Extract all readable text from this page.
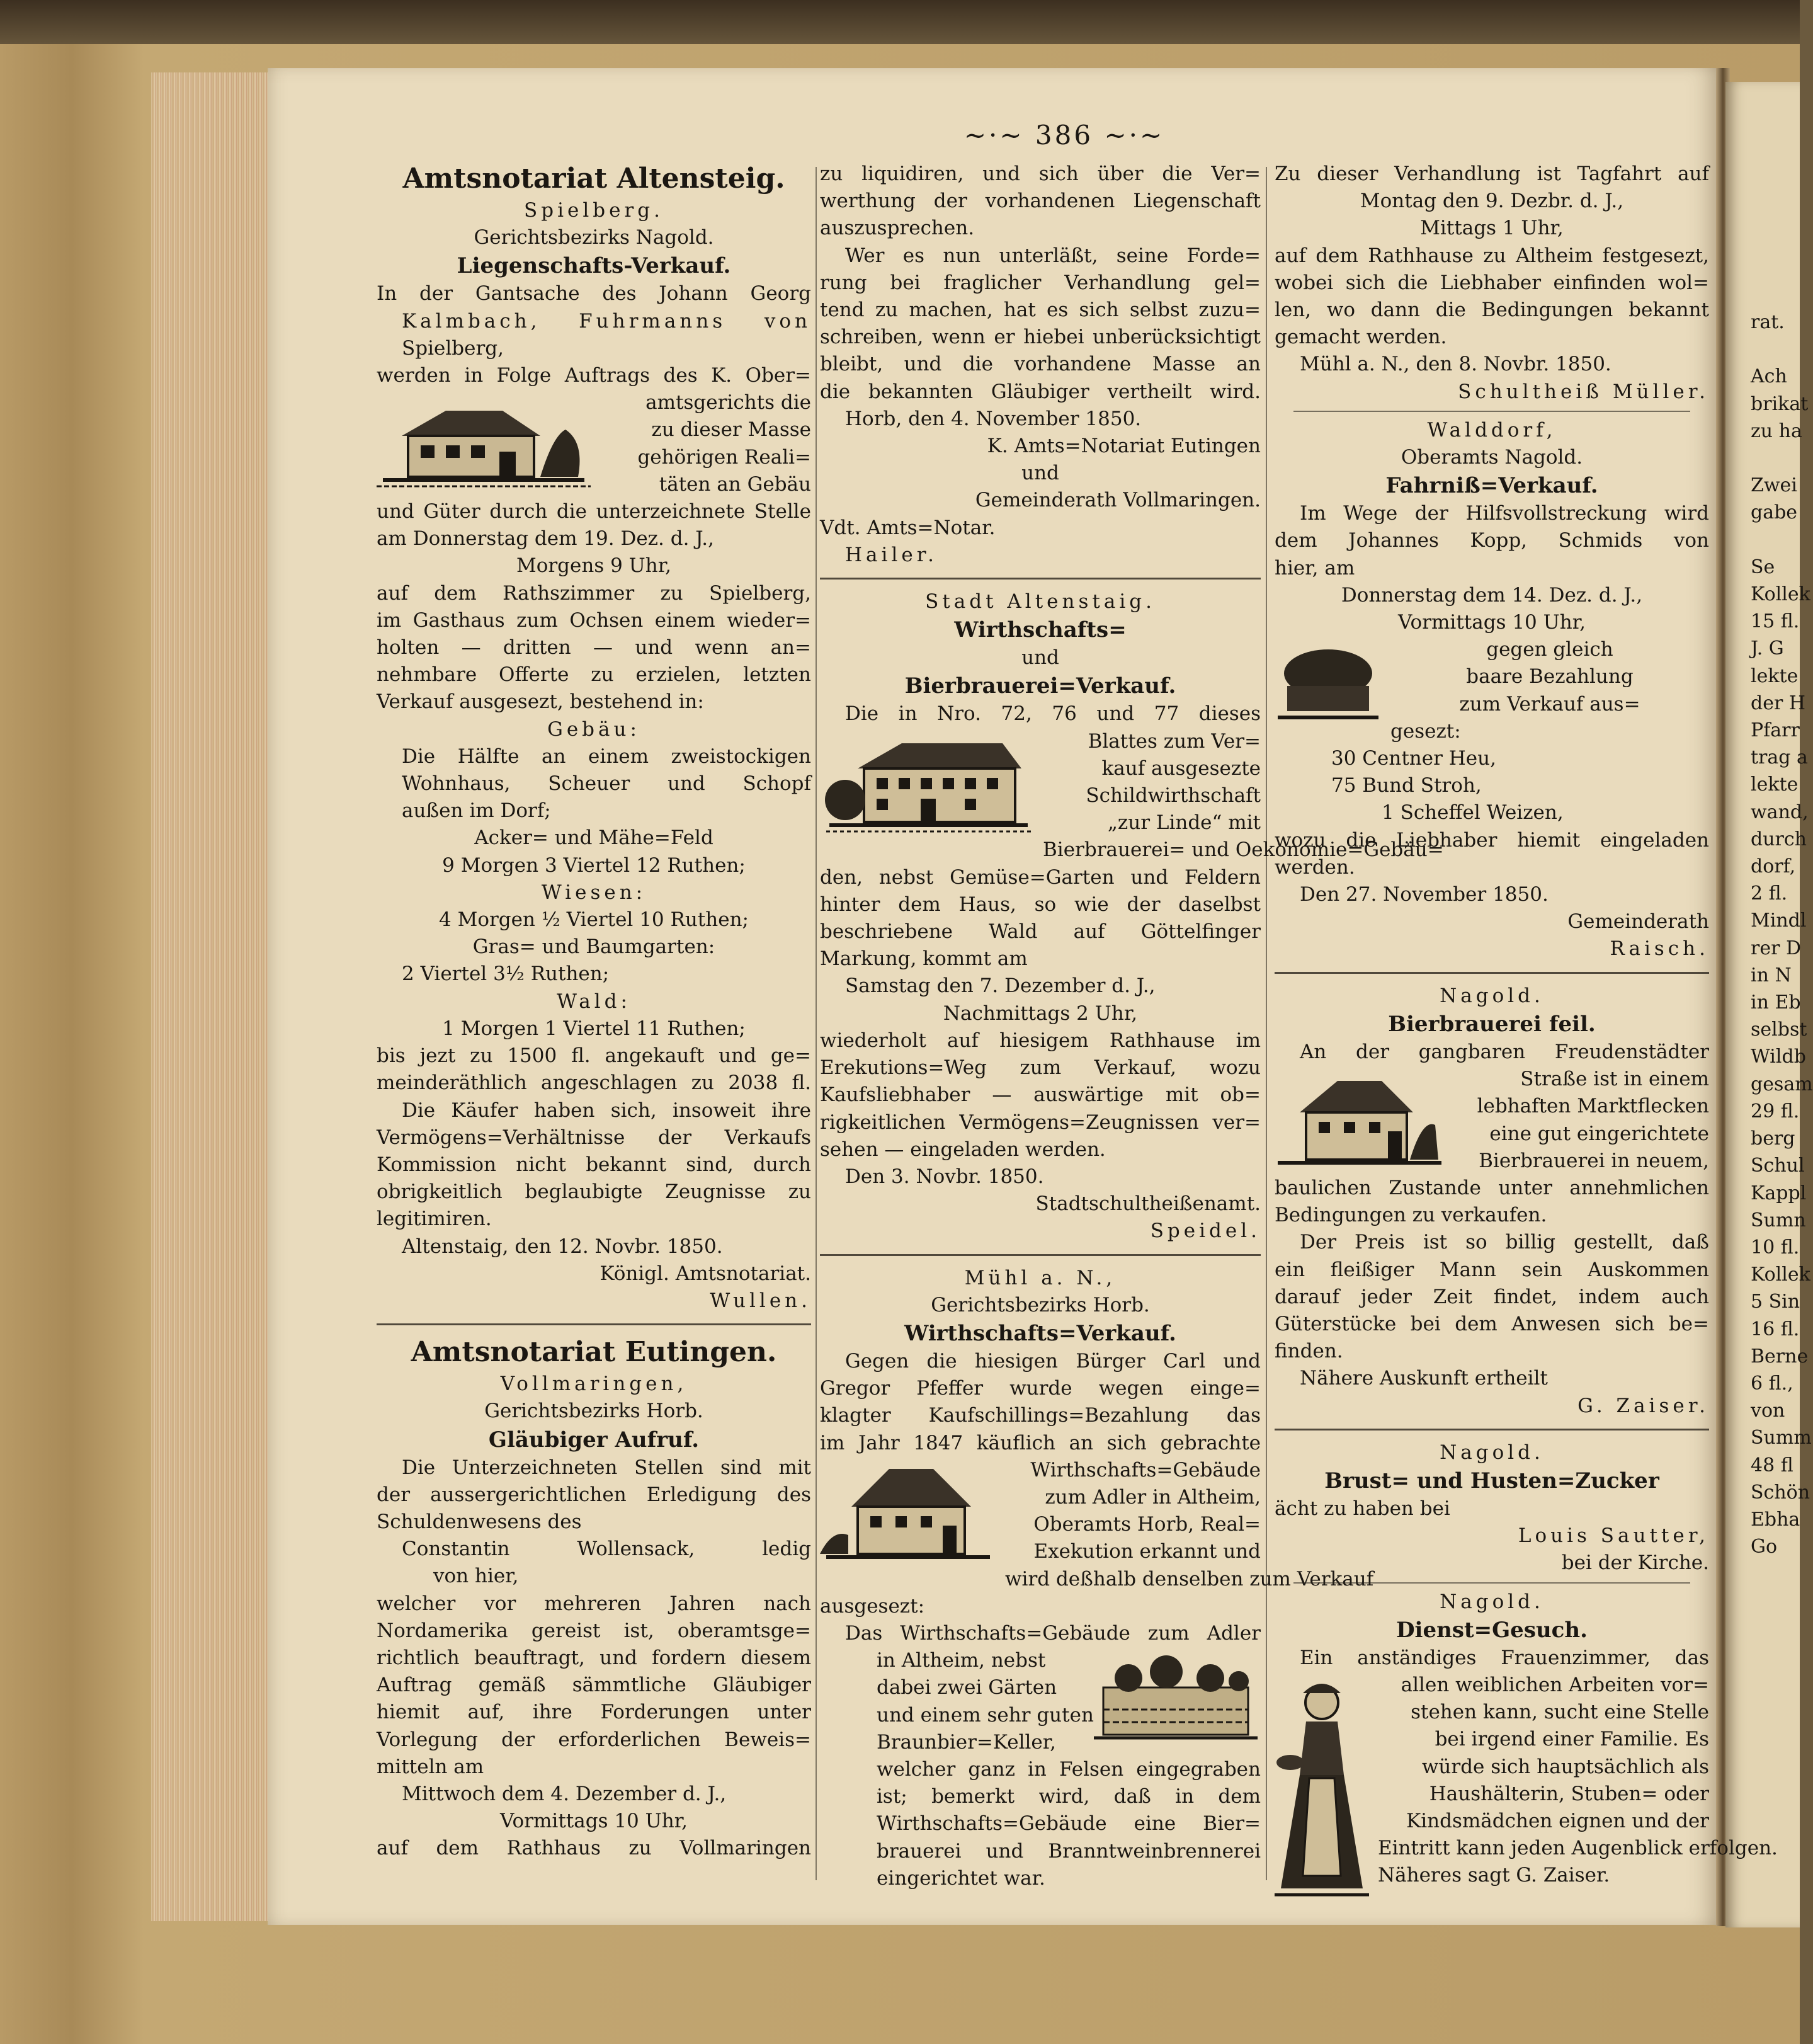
rat.

Ach
brikat
zu ha

Zwei
gabe

Se
Kollek
15 fl.
J. G
lekte
der H
Pfarr
trag a
lekte
wand,
durch
dorf,
2 fl.
Mindl
rer D
in N
in Eb
selbst
Wildb
gesam
29 fl.
berg
Schul
Kappl
Sumn
10 fl.
Kollek
5 Sin
16 fl.
Berne
6 fl.,
von
Summ
48 fl
Schön
Ebha
Go
~·~ 386 ~·~
Amtsnotariat Altensteig.
Spielberg.
Gerichtsbezirks Nagold.
Liegenschafts-Verkauf.
In der Gantsache des Johann Georg
Kalmbach, Fuhrmanns von
Spielberg,
werden in Folge Auftrags des K. Ober=
amtsgerichts die
zu dieser Masse
gehörigen Reali=
täten an Gebäu
und Güter durch die unterzeichnete Stelle
am Donnerstag dem 19. Dez. d. J.,
Morgens 9 Uhr,
auf dem Rathszimmer zu Spielberg,
im Gasthaus zum Ochsen einem wieder=
holten — dritten — und wenn an=
nehmbare Offerte zu erzielen, letzten
Verkauf ausgesezt, bestehend in:
Gebäu:
Die Hälfte an einem zweistockigen
Wohnhaus, Scheuer und Schopf
außen im Dorf;
Acker= und Mähe=Feld
9 Morgen 3 Viertel 12 Ruthen;
Wiesen:
4 Morgen ½ Viertel 10 Ruthen;
Gras= und Baumgarten:
2 Viertel 3½ Ruthen;
Wald:
1 Morgen 1 Viertel 11 Ruthen;
bis jezt zu 1500 fl. angekauft und ge=
meinderäthlich angeschlagen zu 2038 fl.
Die Käufer haben sich, insoweit ihre
Vermögens=Verhältnisse der Verkaufs
Kommission nicht bekannt sind, durch
obrigkeitlich beglaubigte Zeugnisse zu
legitimiren.
Altenstaig, den 12. Novbr. 1850.
Königl. Amtsnotariat.
Wullen.
Amtsnotariat Eutingen.
Vollmaringen,
Gerichtsbezirks Horb.
Gläubiger Aufruf.
Die Unterzeichneten Stellen sind mit
der aussergerichtlichen Erledigung des
Schuldenwesens des
Constantin Wollensack, ledig
von hier,
welcher vor mehreren Jahren nach
Nordamerika gereist ist, oberamtsge=
richtlich beauftragt, und fordern diesem
Auftrag gemäß sämmtliche Gläubiger
hiemit auf, ihre Forderungen unter
Vorlegung der erforderlichen Beweis=
mitteln am
Mittwoch dem 4. Dezember d. J.,
Vormittags 10 Uhr,
auf dem Rathhaus zu Vollmaringen
zu liquidiren, und sich über die Ver=
werthung der vorhandenen Liegenschaft
auszusprechen.
Wer es nun unterläßt, seine Forde=
rung bei fraglicher Verhandlung gel=
tend zu machen, hat es sich selbst zuzu=
schreiben, wenn er hiebei unberücksichtigt
bleibt, und die vorhandene Masse an
die bekannten Gläubiger vertheilt wird.
Horb, den 4. November 1850.
K. Amts=Notariat Eutingen
und
Gemeinderath Vollmaringen.
Vdt. Amts=Notar.
Hailer.
Stadt Altenstaig.
Wirthschafts=
und
Bierbrauerei=Verkauf.
Die in Nro. 72, 76 und 77 dieses
Blattes zum Ver=
kauf ausgesezte
Schildwirthschaft
„zur Linde“ mit
Bierbrauerei= und Oekonomie=Gebäu=
den, nebst Gemüse=Garten und Feldern
hinter dem Haus, so wie der daselbst
beschriebene Wald auf Göttelfinger
Markung, kommt am
Samstag den 7. Dezember d. J.,
Nachmittags 2 Uhr,
wiederholt auf hiesigem Rathhause im
Erekutions=Weg zum Verkauf, wozu
Kaufsliebhaber — auswärtige mit ob=
rigkeitlichen Vermögens=Zeugnissen ver=
sehen — eingeladen werden.
Den 3. Novbr. 1850.
Stadtschultheißenamt.
Speidel.
Mühl a. N.,
Gerichtsbezirks Horb.
Wirthschafts=Verkauf.
Gegen die hiesigen Bürger Carl und
Gregor Pfeffer wurde wegen einge=
klagter Kaufschillings=Bezahlung das
im Jahr 1847 käuflich an sich gebrachte
Wirthschafts=Gebäude
zum Adler in Altheim,
Oberamts Horb, Real=
Exekution erkannt und
wird deßhalb denselben zum Verkauf
ausgesezt:
Das Wirthschafts=Gebäude zum Adler
in Altheim, nebst
dabei zwei Gärten
und einem sehr guten
Braunbier=Keller,
welcher ganz in Felsen eingegraben
ist; bemerkt wird, daß in dem
Wirthschafts=Gebäude eine Bier=
brauerei und Branntweinbrennerei
eingerichtet war.
Zu dieser Verhandlung ist Tagfahrt auf
Montag den 9. Dezbr. d. J.,
Mittags 1 Uhr,
auf dem Rathhause zu Altheim festgesezt,
wobei sich die Liebhaber einfinden wol=
len, wo dann die Bedingungen bekannt
gemacht werden.
Mühl a. N., den 8. Novbr. 1850.
Schultheiß Müller.
Walddorf,
Oberamts Nagold.
Fahrniß=Verkauf.
Im Wege der Hilfsvollstreckung wird
dem Johannes Kopp, Schmids von
hier, am
Donnerstag dem 14. Dez. d. J.,
Vormittags 10 Uhr,
gegen gleich
baare Bezahlung
zum Verkauf aus=
gesezt:
30 Centner Heu,
75 Bund Stroh,
1 Scheffel Weizen,
wozu die Liebhaber hiemit eingeladen
werden.
Den 27. November 1850.
Gemeinderath
Raisch.
Nagold.
Bierbrauerei feil.
An der gangbaren Freudenstädter
Straße ist in einem
lebhaften Marktflecken
eine gut eingerichtete
Bierbrauerei in neuem,
baulichen Zustande unter annehmlichen
Bedingungen zu verkaufen.
Der Preis ist so billig gestellt, daß
ein fleißiger Mann sein Auskommen
darauf jeder Zeit findet, indem auch
Güterstücke bei dem Anwesen sich be=
finden.
Nähere Auskunft ertheilt
G. Zaiser.
Nagold.
Brust= und Husten=Zucker
ächt zu haben bei
Louis Sautter,
bei der Kirche.
Nagold.
Dienst=Gesuch.
Ein anständiges Frauenzimmer, das
allen weiblichen Arbeiten vor=
stehen kann, sucht eine Stelle
bei irgend einer Familie. Es
würde sich hauptsächlich als
Haushälterin, Stuben= oder
Kindsmädchen eignen und der
Eintritt kann jeden Augenblick erfolgen.
Näheres sagt G. Zaiser.
